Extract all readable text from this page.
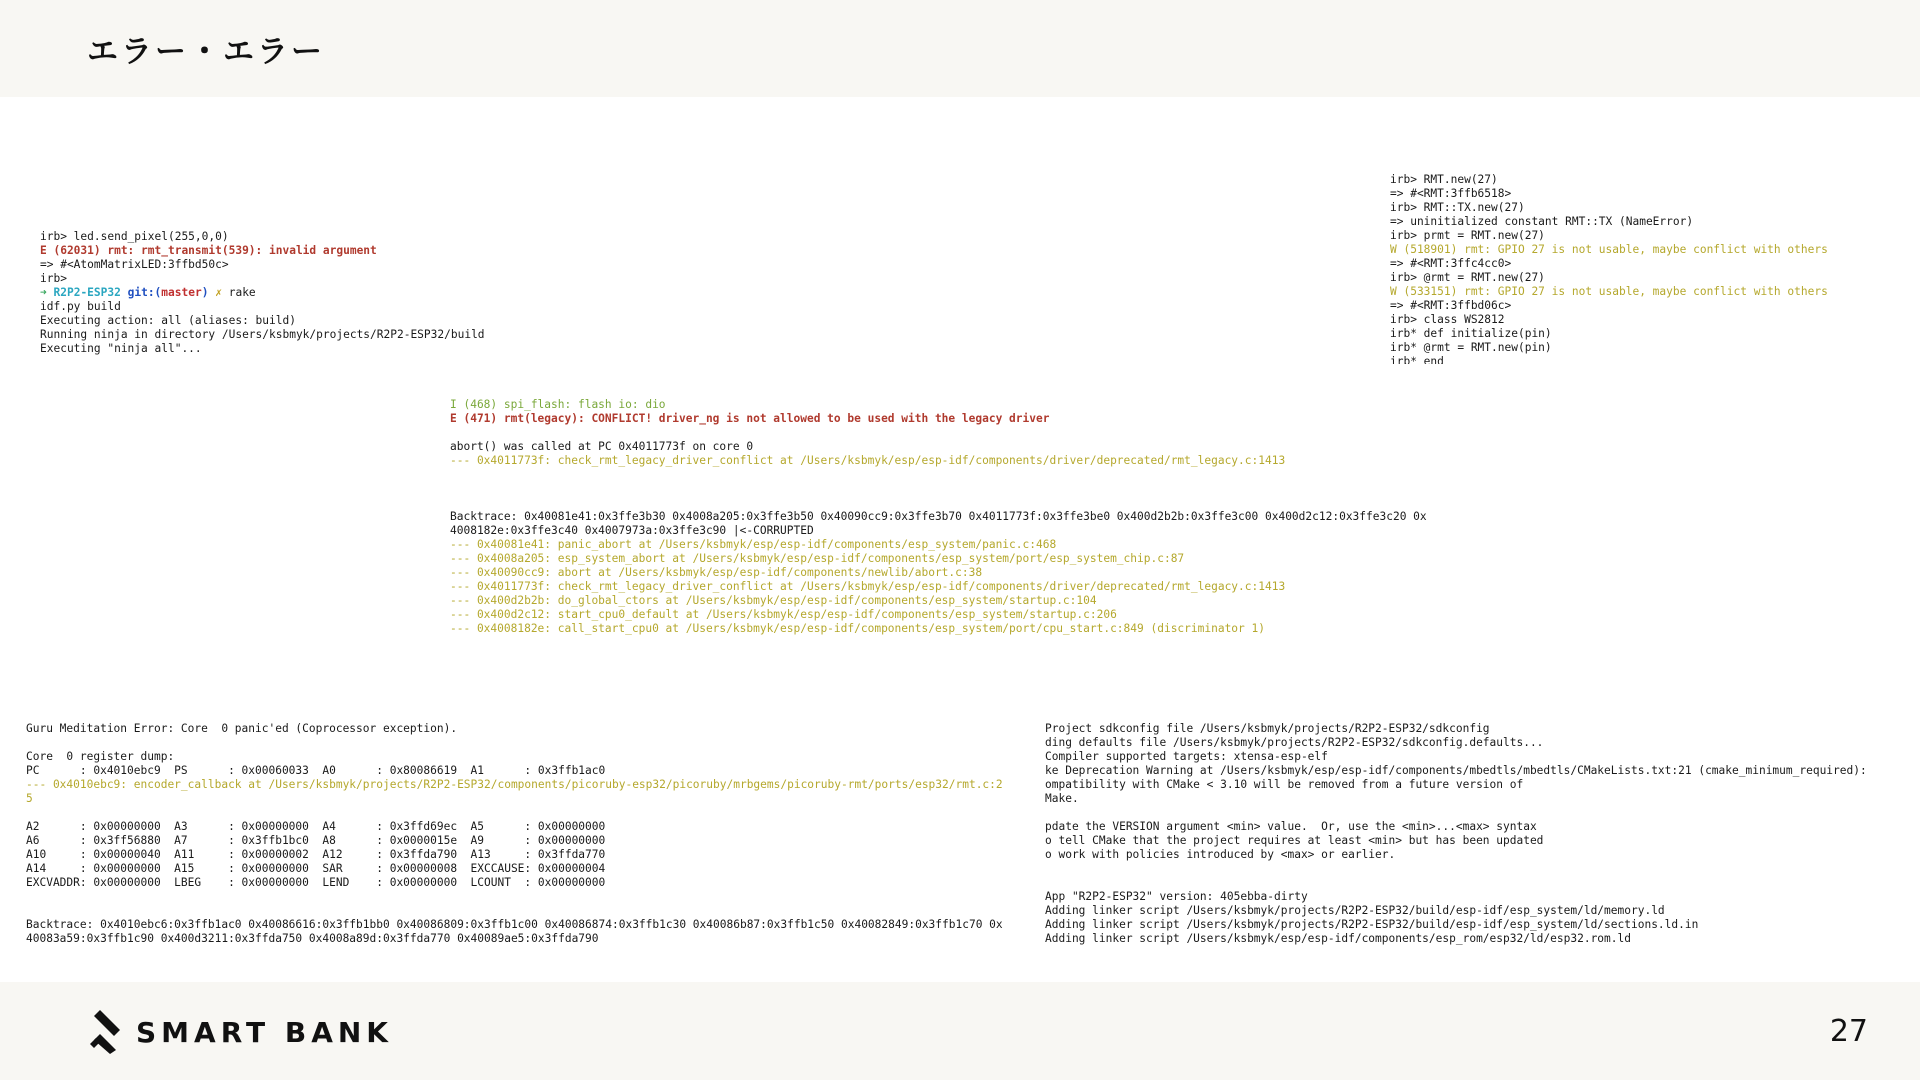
エラー・エラー
irb> led.send_pixel(255,0,0)
E (62031) rmt: rmt_transmit(539): invalid argument
=> #<AtomMatrixLED:3ffbd50c>
irb>
➜ R2P2-ESP32 git:(master) ✗ rake
idf.py build
Executing action: all (aliases: build)
Running ninja in directory /Users/ksbmyk/projects/R2P2-ESP32/build
Executing "ninja all"...
irb> RMT.new(27)
=> #<RMT:3ffb6518>
irb> RMT::TX.new(27)
=> uninitialized constant RMT::TX (NameError)
irb> prmt = RMT.new(27)
W (518901) rmt: GPIO 27 is not usable, maybe conflict with others
=> #<RMT:3ffc4cc0>
irb> @rmt = RMT.new(27)
W (533151) rmt: GPIO 27 is not usable, maybe conflict with others
=> #<RMT:3ffbd06c>
irb> class WS2812
irb* def initialize(pin)
irb* @rmt = RMT.new(pin)
irb* end
I (468) spi_flash: flash io: dio
E (471) rmt(legacy): CONFLICT! driver_ng is not allowed to be used with the legacy driver
abort() was called at PC 0x4011773f on core 0
--- 0x4011773f: check_rmt_legacy_driver_conflict at /Users/ksbmyk/esp/esp-idf/components/driver/deprecated/rmt_legacy.c:1413
Backtrace: 0x40081e41:0x3ffe3b30 0x4008a205:0x3ffe3b50 0x40090cc9:0x3ffe3b70 0x4011773f:0x3ffe3be0 0x400d2b2b:0x3ffe3c00 0x400d2c12:0x3ffe3c20 0x
4008182e:0x3ffe3c40 0x4007973a:0x3ffe3c90 |<-CORRUPTED
--- 0x40081e41: panic_abort at /Users/ksbmyk/esp/esp-idf/components/esp_system/panic.c:468
--- 0x4008a205: esp_system_abort at /Users/ksbmyk/esp/esp-idf/components/esp_system/port/esp_system_chip.c:87
--- 0x40090cc9: abort at /Users/ksbmyk/esp/esp-idf/components/newlib/abort.c:38
--- 0x4011773f: check_rmt_legacy_driver_conflict at /Users/ksbmyk/esp/esp-idf/components/driver/deprecated/rmt_legacy.c:1413
--- 0x400d2b2b: do_global_ctors at /Users/ksbmyk/esp/esp-idf/components/esp_system/startup.c:104
--- 0x400d2c12: start_cpu0_default at /Users/ksbmyk/esp/esp-idf/components/esp_system/startup.c:206
--- 0x4008182e: call_start_cpu0 at /Users/ksbmyk/esp/esp-idf/components/esp_system/port/cpu_start.c:849 (discriminator 1)
Guru Meditation Error: Core  0 panic'ed (Coprocessor exception).
Core  0 register dump:
PC      : 0x4010ebc9  PS      : 0x00060033  A0      : 0x80086619  A1      : 0x3ffb1ac0
--- 0x4010ebc9: encoder_callback at /Users/ksbmyk/projects/R2P2-ESP32/components/picoruby-esp32/picoruby/mrbgems/picoruby-rmt/ports/esp32/rmt.c:2
5
A2      : 0x00000000  A3      : 0x00000000  A4      : 0x3ffd69ec  A5      : 0x00000000
A6      : 0x3ff56880  A7      : 0x3ffb1bc0  A8      : 0x0000015e  A9      : 0x00000000
A10     : 0x00000040  A11     : 0x00000002  A12     : 0x3ffda790  A13     : 0x3ffda770
A14     : 0x00000000  A15     : 0x00000000  SAR     : 0x00000008  EXCCAUSE: 0x00000004
EXCVADDR: 0x00000000  LBEG    : 0x00000000  LEND    : 0x00000000  LCOUNT  : 0x00000000
Backtrace: 0x4010ebc6:0x3ffb1ac0 0x40086616:0x3ffb1bb0 0x40086809:0x3ffb1c00 0x40086874:0x3ffb1c30 0x40086b87:0x3ffb1c50 0x40082849:0x3ffb1c70 0x
40083a59:0x3ffb1c90 0x400d3211:0x3ffda750 0x4008a89d:0x3ffda770 0x40089ae5:0x3ffda790
Project sdkconfig file /Users/ksbmyk/projects/R2P2-ESP32/sdkconfig
ding defaults file /Users/ksbmyk/projects/R2P2-ESP32/sdkconfig.defaults...
Compiler supported targets: xtensa-esp-elf
ke Deprecation Warning at /Users/ksbmyk/esp/esp-idf/components/mbedtls/mbedtls/CMakeLists.txt:21 (cmake_minimum_required):
ompatibility with CMake < 3.10 will be removed from a future version of
Make.
pdate the VERSION argument <min> value.  Or, use the <min>...<max> syntax
o tell CMake that the project requires at least <min> but has been updated
o work with policies introduced by <max> or earlier.
App "R2P2-ESP32" version: 405ebba-dirty
Adding linker script /Users/ksbmyk/projects/R2P2-ESP32/build/esp-idf/esp_system/ld/memory.ld
Adding linker script /Users/ksbmyk/projects/R2P2-ESP32/build/esp-idf/esp_system/ld/sections.ld.in
Adding linker script /Users/ksbmyk/esp/esp-idf/components/esp_rom/esp32/ld/esp32.rom.ld
SMART BANK	27
